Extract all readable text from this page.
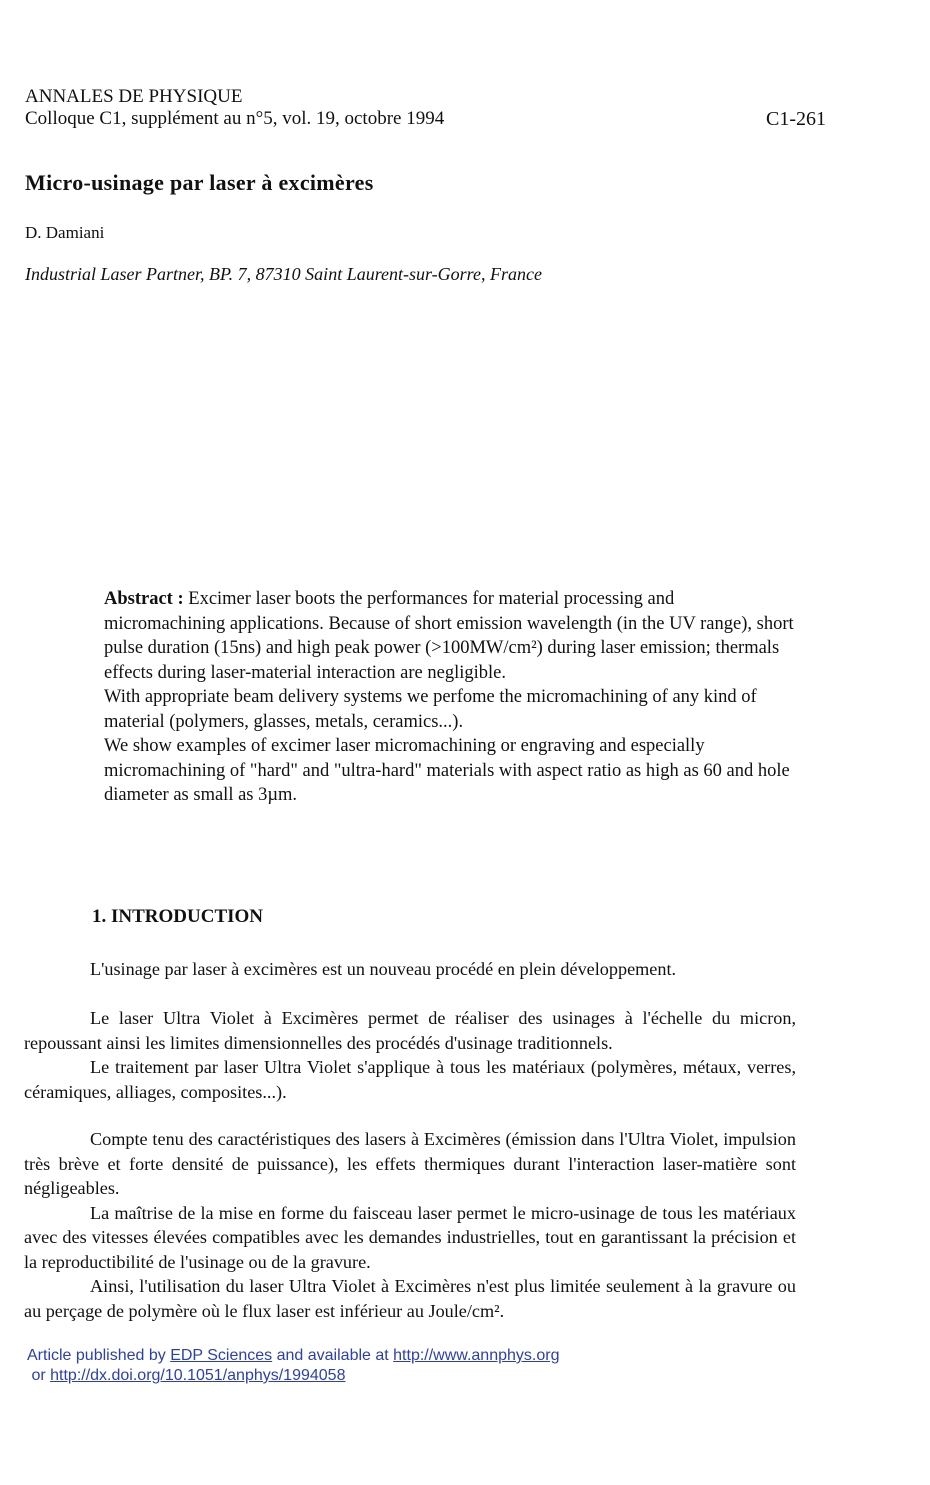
ANNALES DE PHYSIQUE
Colloque C1, supplément au n°5, vol. 19, octobre 1994	C1-261
Micro-usinage par laser à excimères
D. Damiani
Industrial Laser Partner, BP. 7, 87310 Saint Laurent-sur-Gorre, France

Abstract : Excimer laser boots the performances for material processing and micromachining applications. Because of short emission wavelength (in the UV range), short pulse duration (15ns) and high peak power (>100MW/cm²) during laser emission; thermals effects during laser-material interaction are negligible.

With appropriate beam delivery systems we perfome the micromachining of any kind of material (polymers, glasses, metals, ceramics...).

We show examples of excimer laser micromachining or engraving and especially micromachining of "hard" and "ultra-hard" materials with aspect ratio as high as 60 and hole diameter as small as 3µm.

1. INTRODUCTION

L'usinage par laser à excimères est un nouveau procédé en plein développement.

Le laser Ultra Violet à Excimères permet de réaliser des usinages à l'échelle du micron, repoussant ainsi les limites dimensionnelles des procédés d'usinage traditionnels.

Le traitement par laser Ultra Violet s'applique à tous les matériaux (polymères, métaux, verres, céramiques, alliages, composites...).

Compte tenu des caractéristiques des lasers à Excimères (émission dans l'Ultra Violet, impulsion très brève et forte densité de puissance), les effets thermiques durant l'interaction laser-matière sont négligeables.

La maîtrise de la mise en forme du faisceau laser permet le micro-usinage de tous les matériaux avec des vitesses élevées compatibles avec les demandes industrielles, tout en garantissant la précision et la reproductibilité de l'usinage ou de la gravure.

Ainsi, l'utilisation du laser Ultra Violet à Excimères n'est plus limitée seulement à la gravure ou au perçage de polymère où le flux laser est inférieur au Joule/cm².

Article published by EDP Sciences and available at http://www.annphys.org
or http://dx.doi.org/10.1051/anphys/1994058
